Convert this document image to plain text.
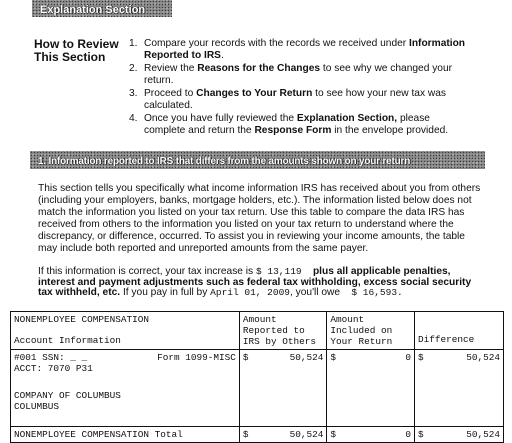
Explanation Section
How to Review
This Section
1. Compare your records with the records we received under Information Reported to IRS.
2. Review the Reasons for the Changes to see why we changed your return.
3. Proceed to Changes to Your Return to see how your new tax was calculated.
4. Once you have fully reviewed the Explanation Section, please complete and return the Response Form in the envelope provided.
1. Information reported to IRS that differs from the amounts shown on your return
This section tells you specifically what income information IRS has received about you from others (including your employers, banks, mortgage holders, etc.). The information listed below does not match the information you listed on your tax return. Use this table to compare the data IRS has received from others to the information you listed on your tax return to understand where the discrepancy, or difference, occurred. To assist you in reviewing your income amounts, the table may include both reported and unreported amounts from the same payer.
If this information is correct, your tax increase is $ 13,119 plus all applicable penalties, interest and payment adjustments such as federal tax withholding, excess social security tax withheld, etc. If you pay in full by April 01, 2009, you'll owe $ 16,593.
NONEMPLOYEE COMPENSATION
Account Information	Amount Reported to IRS by Others	Amount Included on Your Return	Difference

#001 SSN: _ _ Form 1099-MISC
ACCT: 7070 P31
COMPANY OF COLUMBUS
COLUMBUS	$ 50,524	$ 0	$ 50,524

NONEMPLOYEE COMPENSATION Total	$ 50,524	$ 0	$ 50,524
